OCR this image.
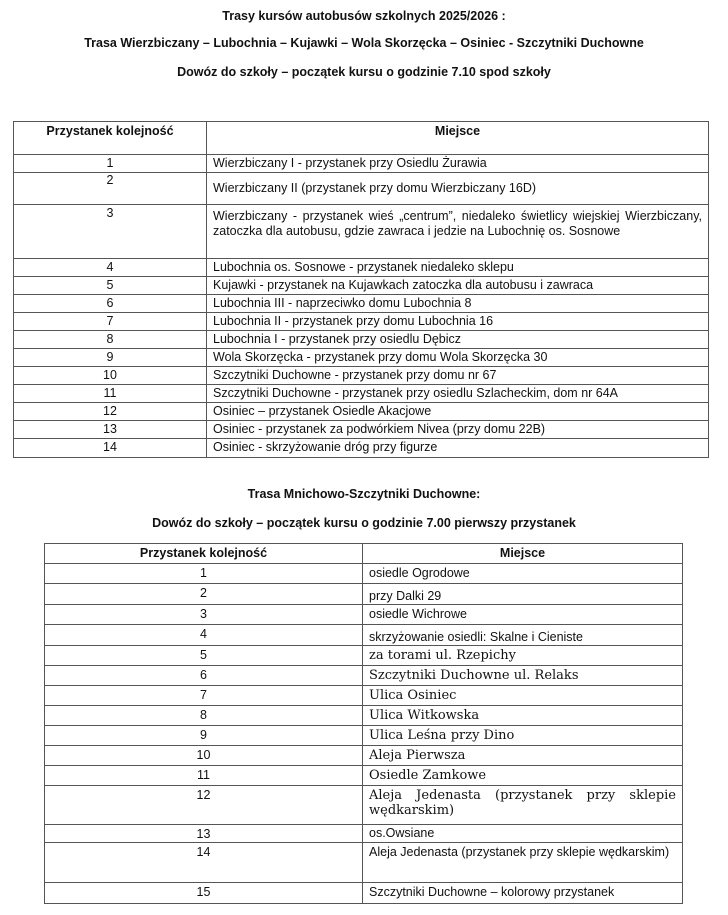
Trasy kursów autobusów szkolnych 2025/2026 :
Trasa Wierzbiczany – Lubochnia – Kujawki – Wola Skorzęcka – Osiniec - Szczytniki Duchowne
Dowóz do szkoły – początek kursu o godzinie 7.10 spod szkoły
Przystanek kolejność	Miejsce
1	Wierzbiczany I - przystanek przy Osiedlu Żurawia
2	Wierzbiczany II (przystanek przy domu Wierzbiczany 16D)
3	Wierzbiczany - przystanek wieś „centrum”, niedaleko świetlicy wiejskiej Wierzbiczany, zatoczka dla autobusu, gdzie zawraca i jedzie na Lubochnię os. Sosnowe
4	Lubochnia os. Sosnowe - przystanek niedaleko sklepu
5	Kujawki - przystanek na Kujawkach zatoczka dla autobusu i zawraca
6	Lubochnia III - naprzeciwko domu Lubochnia 8
7	Lubochnia II - przystanek przy domu Lubochnia 16
8	Lubochnia I - przystanek przy osiedlu Dębicz
9	Wola Skorzęcka - przystanek przy domu Wola Skorzęcka 30
10	Szczytniki Duchowne - przystanek przy domu nr 67
11	Szczytniki Duchowne - przystanek przy osiedlu Szlacheckim, dom nr 64A
12	Osiniec – przystanek Osiedle Akacjowe
13	Osiniec - przystanek za podwórkiem Nivea (przy domu 22B)
14	Osiniec - skrzyżowanie dróg przy figurze
Trasa Mnichowo-Szczytniki Duchowne:
Dowóz do szkoły – początek kursu o godzinie 7.00 pierwszy przystanek
Przystanek kolejność	Miejsce
1	osiedle Ogrodowe
2	przy Dalki 29
3	osiedle Wichrowe
4	skrzyżowanie osiedli: Skalne i Cieniste
5	za torami ul. Rzepichy
6	Szczytniki Duchowne ul. Relaks
7	Ulica Osiniec
8	Ulica Witkowska
9	Ulica Leśna przy Dino
10	Aleja Pierwsza
11	Osiedle Zamkowe
12	Aleja Jedenasta (przystanek przy sklepie wędkarskim)
13	os.Owsiane
14	Aleja Jedenasta (przystanek przy sklepie wędkarskim)
15	Szczytniki Duchowne – kolorowy przystanek
